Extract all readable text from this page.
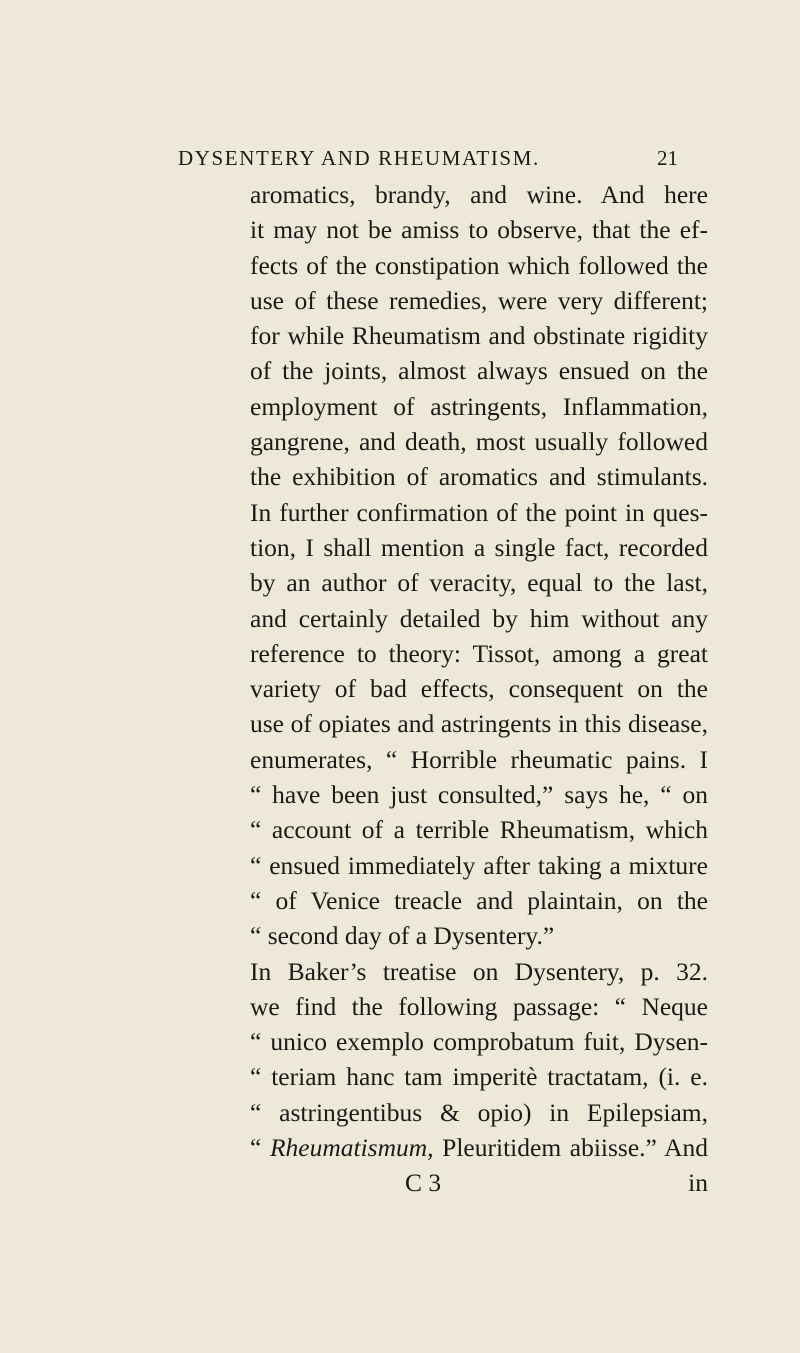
DYSENTERY AND RHEUMATISM.	21
aromatics, brandy, and wine. And here
it may not be amiss to observe, that the ef-
fects of the constipation which followed the
use of these remedies, were very different;
for while Rheumatism and obstinate rigidity
of the joints, almost always ensued on the
employment of astringents, Inflammation,
gangrene, and death, most usually followed
the exhibition of aromatics and stimulants.
In further confirmation of the point in ques-
tion, I shall mention a single fact, recorded
by an author of veracity, equal to the last,
and certainly detailed by him without any
reference to theory: Tissot, among a great
variety of bad effects, consequent on the
use of opiates and astringents in this disease,
enumerates, “ Horrible rheumatic pains. I
“ have been just consulted,” says he, “ on
“ account of a terrible Rheumatism, which
“ ensued immediately after taking a mixture
“ of Venice treacle and plaintain, on the
“ second day of a Dysentery.”
In Baker’s treatise on Dysentery, p. 32.
we find the following passage: “ Neque
“ unico exemplo comprobatum fuit, Dysen-
“ teriam hanc tam imperitè tractatam, (i. e.
“ astringentibus & opio) in Epilepsiam,
“ Rheumatismum, Pleuritidem abiisse.” And
C 3	in
